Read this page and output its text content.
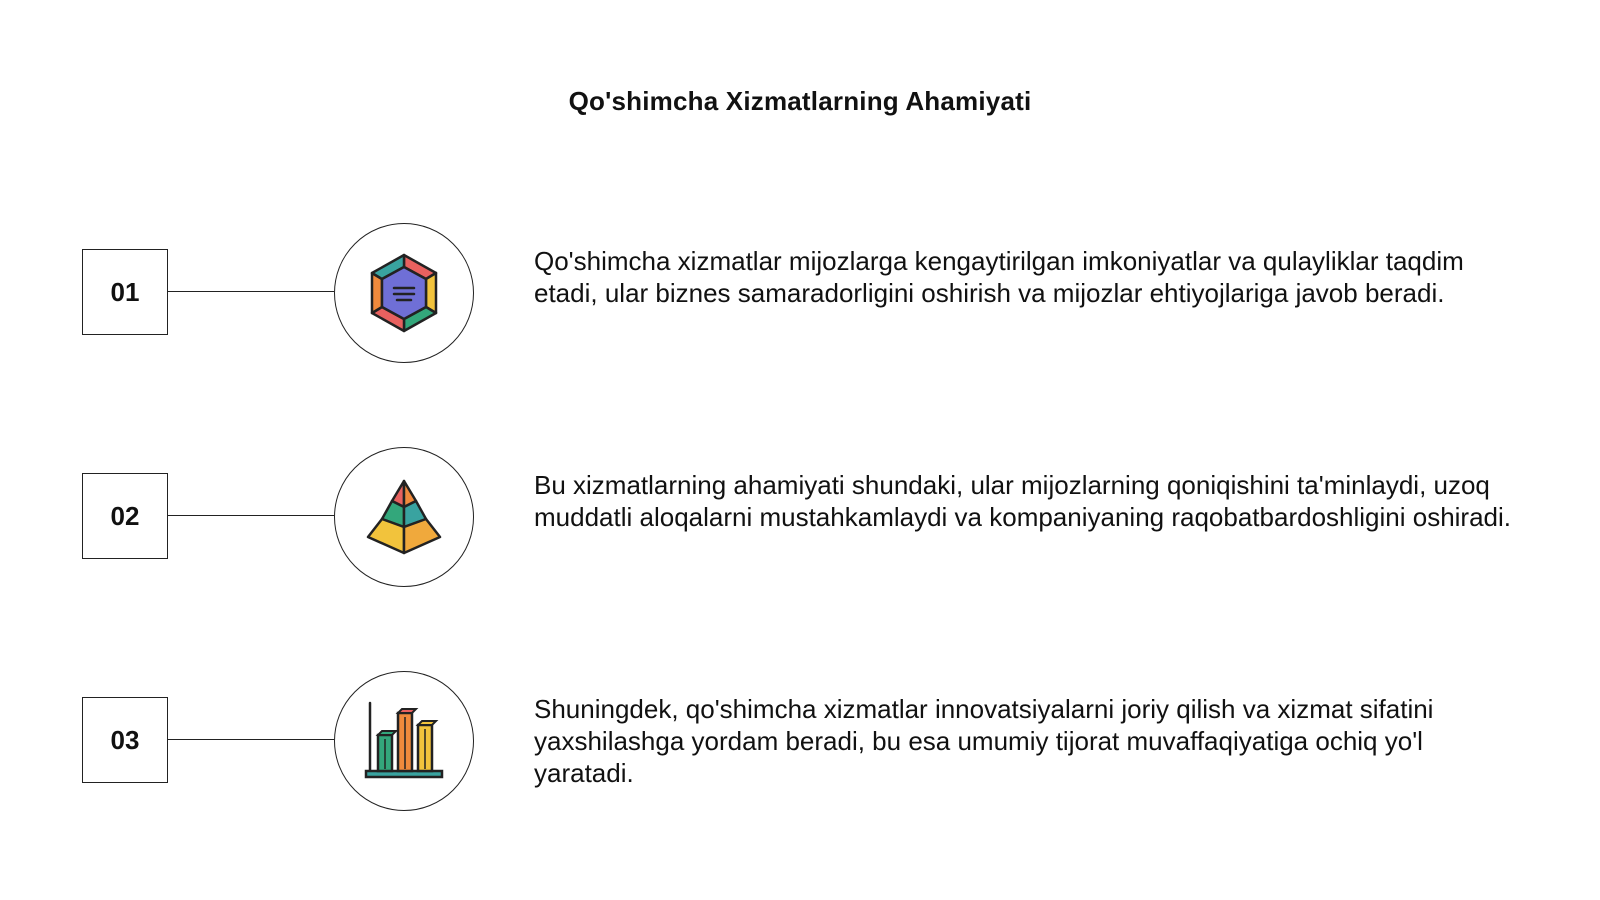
Qo'shimcha Xizmatlarning Ahamiyati
01
Qo'shimcha xizmatlar mijozlarga kengaytirilgan imkoniyatlar va qulayliklar taqdim etadi, ular biznes samaradorligini oshirish va mijozlar ehtiyojlariga javob beradi.
02
Bu xizmatlarning ahamiyati shundaki, ular mijozlarning qoniqishini ta'minlaydi, uzoq muddatli aloqalarni mustahkamlaydi va kompaniyaning raqobatbardoshligini oshiradi.
03
Shuningdek, qo'shimcha xizmatlar innovatsiyalarni joriy qilish va xizmat sifatini yaxshilashga yordam beradi, bu esa umumiy tijorat muvaffaqiyatiga ochiq yo'l yaratadi.
